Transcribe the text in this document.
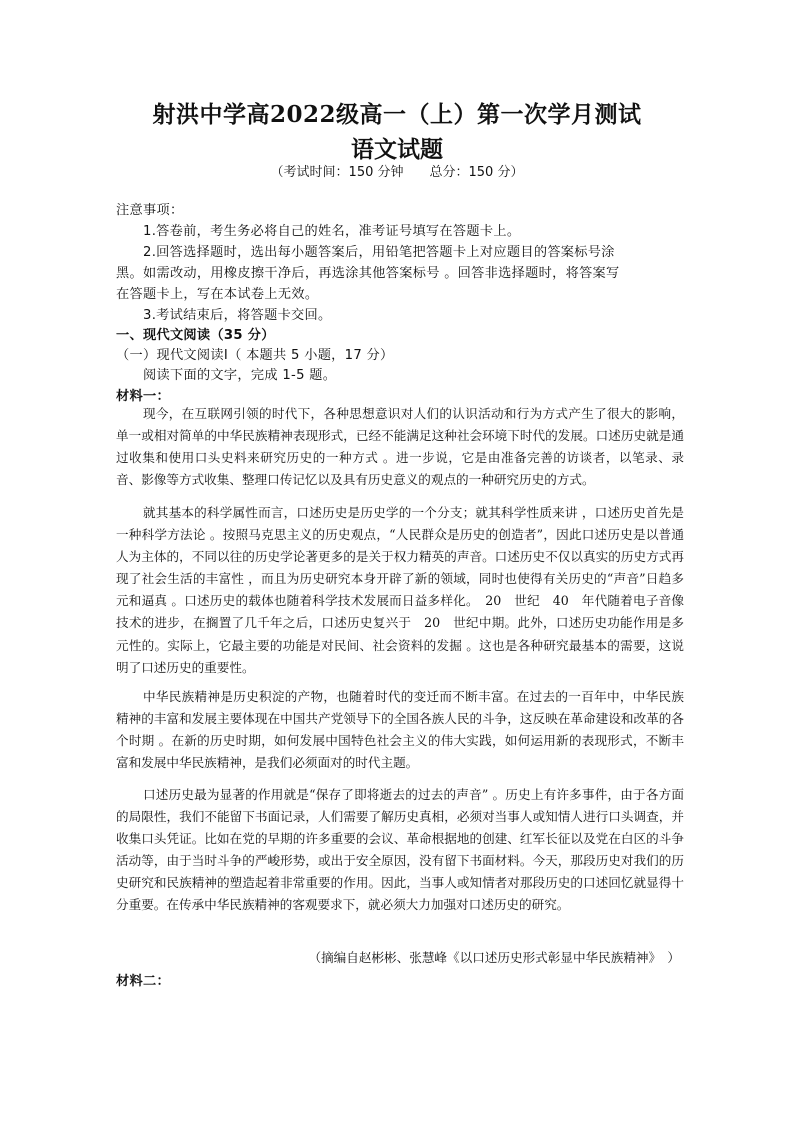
射洪中学高2022级高一（上）第一次学月测试
语文试题
（考试时间：150 分钟 总分：150 分）
注意事项：
1.答卷前，考生务必将自己的姓名，准考证号填写在答题卡上。
2.回答选择题时，选出每小题答案后，用铅笔把答题卡上对应题目的答案标号涂
黑。如需改动，用橡皮擦干净后，再选涂其他答案标号 。回答非选择题时，将答案写
在答题卡上，写在本试卷上无效。
3.考试结束后，将答题卡交回。
一、现代文阅读（35 分）
（一）现代文阅读Ⅰ（ 本题共 5 小题，17 分）
阅读下面的文字，完成 1-5 题。
材料一：

现今，在互联网引领的时代下，各种思想意识对人们的认识活动和行为方式产生了很大的影响，单一或相对简单的中华民族精神表现形式，已经不能满足这种社会环境下时代的发展。口述历史就是通过收集和使用口头史料来研究历史的一种方式 。进一步说，它是由准备完善的访谈者，以笔录、录音、影像等方式收集、整理口传记忆以及具有历史意义的观点的一种研究历史的方式。

就其基本的科学属性而言，口述历史是历史学的一个分支；就其科学性质来讲 ，口述历史首先是一种科学方法论 。按照马克思主义的历史观点，“人民群众是历史的创造者”，因此口述历史是以普通人为主体的，不同以往的历史学论著更多的是关于权力精英的声音。口述历史不仅以真实的历史方式再现了社会生活的丰富性 ，而且为历史研究本身开辟了新的领域，同时也使得有关历史的“声音”日趋多元和逼真 。口述历史的载体也随着科学技术发展而日益多样化。　20　世纪　40　年代随着电子音像技术的进步，在搁置了几千年之后，口述历史复兴于　20　世纪中期。此外，口述历史功能作用是多元性的。实际上，它最主要的功能是对民间、社会资料的发掘 。这也是各种研究最基本的需要，这说明了口述历史的重要性。

中华民族精神是历史积淀的产物，也随着时代的变迁而不断丰富。在过去的一百年中，中华民族精神的丰富和发展主要体现在中国共产党领导下的全国各族人民的斗争，这反映在革命建设和改革的各个时期 。在新的历史时期，如何发展中国特色社会主义的伟大实践，如何运用新的表现形式，不断丰富和发展中华民族精神，是我们必须面对的时代主题。

口述历史最为显著的作用就是“保存了即将逝去的过去的声音” 。历史上有许多事件，由于各方面的局限性，我们不能留下书面记录，人们需要了解历史真相，必须对当事人或知情人进行口头调查，并收集口头凭证。比如在党的早期的许多重要的会议、革命根据地的创建、红军长征以及党在白区的斗争活动等，由于当时斗争的严峻形势，或出于安全原因，没有留下书面材料。今天，那段历史对我们的历史研究和民族精神的塑造起着非常重要的作用。因此，当事人或知情者对那段历史的口述回忆就显得十分重要。在传承中华民族精神的客观要求下，就必须大力加强对口述历史的研究。

（摘编自赵彬彬、张慧峰《以口述历史形式彰显中华民族精神》　）
材料二：
